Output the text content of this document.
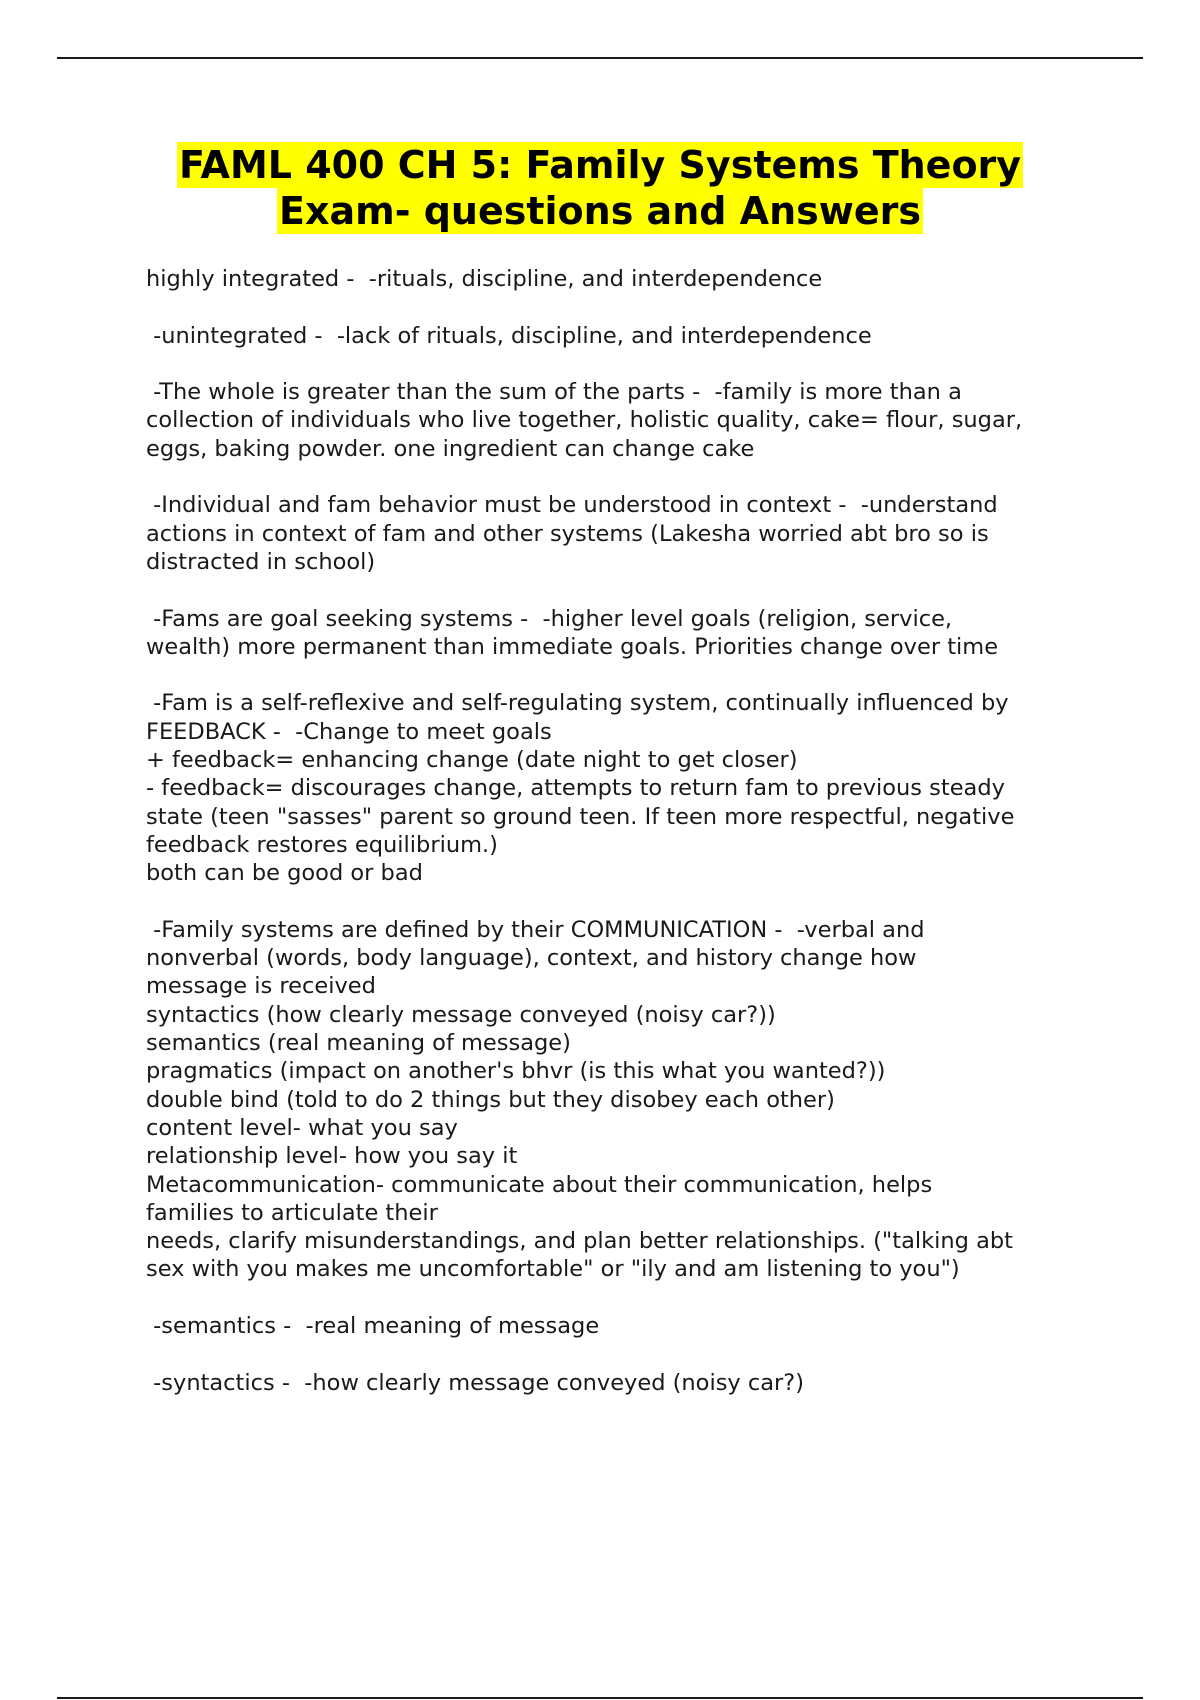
FAML 400 CH 5: Family Systems Theory
Exam- questions and Answers
highly integrated -  -rituals, discipline, and interdependence
-unintegrated -  -lack of rituals, discipline, and interdependence
-The whole is greater than the sum of the parts -  -family is more than a
collection of individuals who live together, holistic quality, cake= flour, sugar,
eggs, baking powder. one ingredient can change cake
-Individual and fam behavior must be understood in context -  -understand
actions in context of fam and other systems (Lakesha worried abt bro so is
distracted in school)
-Fams are goal seeking systems -  -higher level goals (religion, service,
wealth) more permanent than immediate goals. Priorities change over time
-Fam is a self-reflexive and self-regulating system, continually influenced by
FEEDBACK -  -Change to meet goals
+ feedback= enhancing change (date night to get closer)
- feedback= discourages change, attempts to return fam to previous steady
state (teen "sasses" parent so ground teen. If teen more respectful, negative
feedback restores equilibrium.)
both can be good or bad
-Family systems are defined by their COMMUNICATION -  -verbal and
nonverbal (words, body language), context, and history change how
message is received
syntactics (how clearly message conveyed (noisy car?))
semantics (real meaning of message)
pragmatics (impact on another's bhvr (is this what you wanted?))
double bind (told to do 2 things but they disobey each other)
content level- what you say
relationship level- how you say it
Metacommunication- communicate about their communication, helps
families to articulate their
needs, clarify misunderstandings, and plan better relationships. ("talking abt
sex with you makes me uncomfortable" or "ily and am listening to you")
-semantics -  -real meaning of message
-syntactics -  -how clearly message conveyed (noisy car?)
